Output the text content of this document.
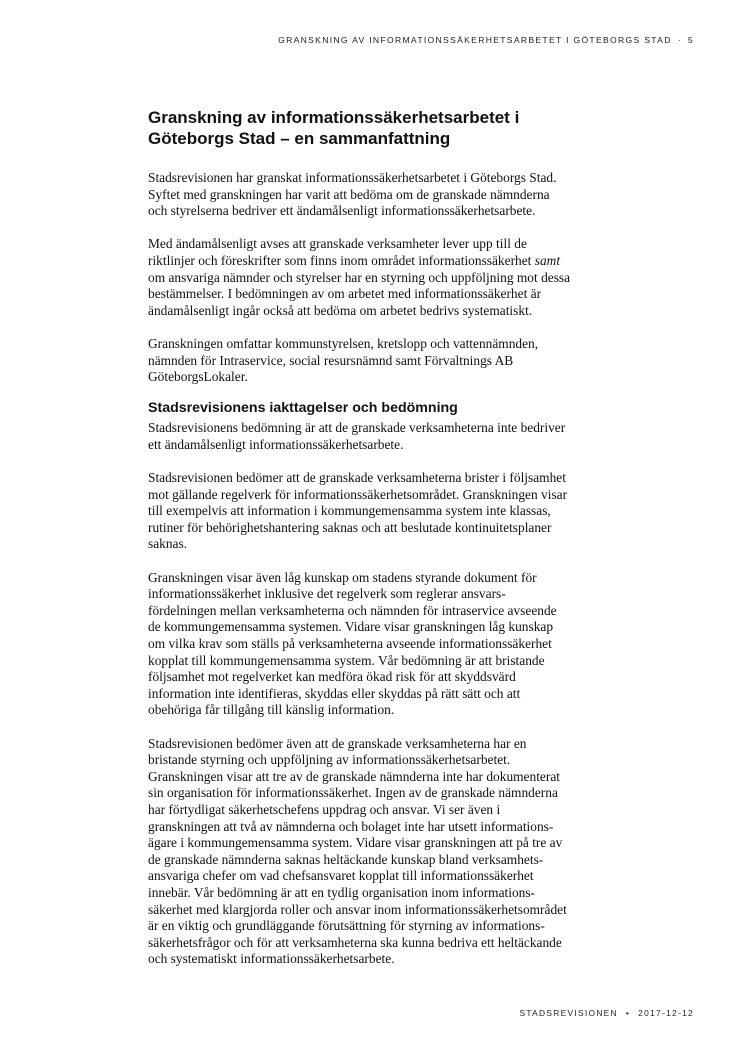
GRANSKNING AV INFORMATIONSSÄKERHETSARBETET I GÖTEBORGS STAD · 5
Granskning av informationssäkerhetsarbetet i
Göteborgs Stad – en sammanfattning

Stadsrevisionen har granskat informationssäkerhetsarbetet i Göteborgs Stad.
Syftet med granskningen har varit att bedöma om de granskade nämnderna
och styrelserna bedriver ett ändamålsenligt informationssäkerhetsarbete.

Med ändamålsenligt avses att granskade verksamheter lever upp till de
riktlinjer och föreskrifter som finns inom området informationssäkerhet samt
om ansvariga nämnder och styrelser har en styrning och uppföljning mot dessa
bestämmelser. I bedömningen av om arbetet med informationssäkerhet är
ändamålsenligt ingår också att bedöma om arbetet bedrivs systematiskt.

Granskningen omfattar kommunstyrelsen, kretslopp och vattennämnden,
nämnden för Intraservice, social resursnämnd samt Förvaltnings AB
GöteborgsLokaler.

Stadsrevisionens iakttagelser och bedömning

Stadsrevisionens bedömning är att de granskade verksamheterna inte bedriver
ett ändamålsenligt informationssäkerhetsarbete.

Stadsrevisionen bedömer att de granskade verksamheterna brister i följsamhet
mot gällande regelverk för informationssäkerhetsområdet. Granskningen visar
till exempelvis att information i kommungemensamma system inte klassas,
rutiner för behörighetshantering saknas och att beslutade kontinuitetsplaner
saknas.

Granskningen visar även låg kunskap om stadens styrande dokument för
informationssäkerhet inklusive det regelverk som reglerar ansvars-
fördelningen mellan verksamheterna och nämnden för intraservice avseende
de kommungemensamma systemen. Vidare visar granskningen låg kunskap
om vilka krav som ställs på verksamheterna avseende informationssäkerhet
kopplat till kommungemensamma system. Vår bedömning är att bristande
följsamhet mot regelverket kan medföra ökad risk för att skyddsvärd
information inte identifieras, skyddas eller skyddas på rätt sätt och att
obehöriga får tillgång till känslig information.

Stadsrevisionen bedömer även att de granskade verksamheterna har en
bristande styrning och uppföljning av informationssäkerhetsarbetet.
Granskningen visar att tre av de granskade nämnderna inte har dokumenterat
sin organisation för informationssäkerhet. Ingen av de granskade nämnderna
har förtydligat säkerhetschefens uppdrag och ansvar. Vi ser även i
granskningen att två av nämnderna och bolaget inte har utsett informations-
ägare i kommungemensamma system. Vidare visar granskningen att på tre av
de granskade nämnderna saknas heltäckande kunskap bland verksamhets-
ansvariga chefer om vad chefsansvaret kopplat till informationssäkerhet
innebär. Vår bedömning är att en tydlig organisation inom informations-
säkerhet med klargjorda roller och ansvar inom informationssäkerhetsområdet
är en viktig och grundläggande förutsättning för styrning av informations-
säkerhetsfrågor och för att verksamheterna ska kunna bedriva ett heltäckande
och systematiskt informationssäkerhetsarbete.

STADSREVISIONEN • 2017-12-12
